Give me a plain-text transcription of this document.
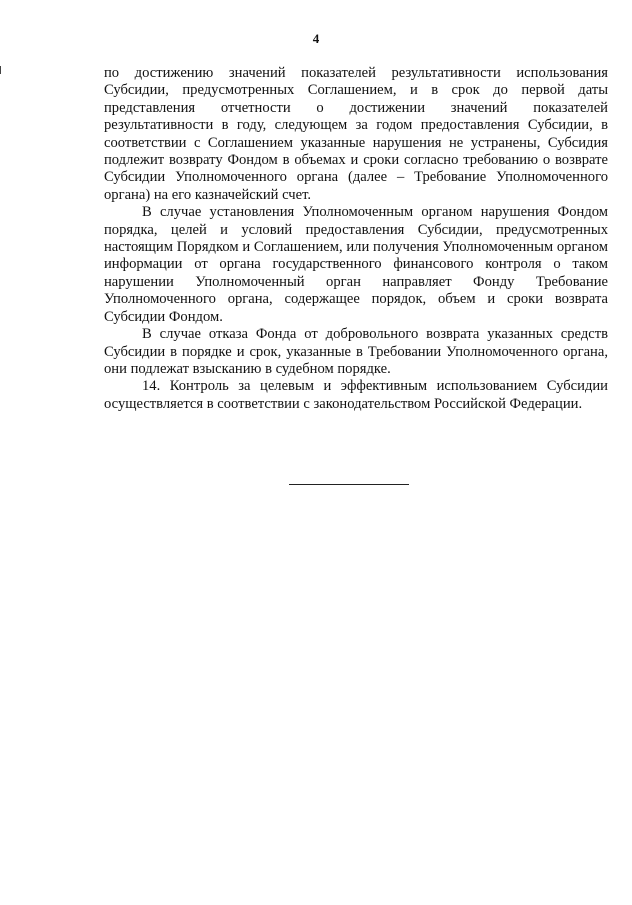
4

по достижению значений показателей результативности использования Субсидии, предусмотренных Соглашением, и в срок до первой даты представления отчетности о достижении значений показателей результативности в году, следующем за годом предоставления Субсидии, в соответствии с Соглашением указанные нарушения не устранены, Субсидия подлежит возврату Фондом в объемах и сроки согласно требованию о возврате Субсидии Уполномоченного органа (далее – Требование Уполномоченного органа) на его казначейский счет.

В случае установления Уполномоченным органом нарушения Фондом порядка, целей и условий предоставления Субсидии, предусмотренных настоящим Порядком и Соглашением, или получения Уполномоченным органом информации от органа государственного финансового контроля о таком нарушении Уполномоченный орган направляет Фонду Требование Уполномоченного органа, содержащее порядок, объем и сроки возврата Субсидии Фондом.

В случае отказа Фонда от добровольного возврата указанных средств Субсидии в порядке и срок, указанные в Требовании Уполномоченного органа, они подлежат взысканию в судебном порядке.

14. Контроль за целевым и эффективным использованием Субсидии осуществляется в соответствии с законодательством Российской Федерации.
